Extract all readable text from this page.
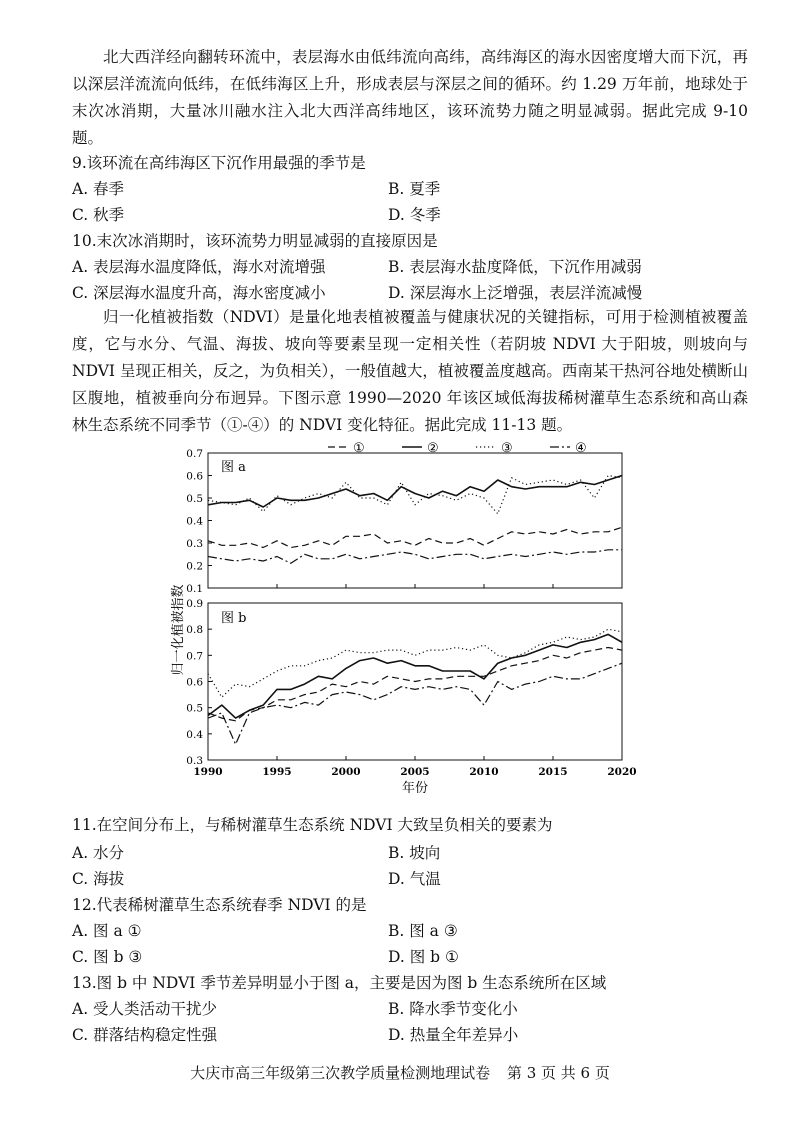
北大西洋经向翻转环流中，表层海水由低纬流向高纬，高纬海区的海水因密度增大而下沉，再以深层洋流流向低纬，在低纬海区上升，形成表层与深层之间的循环。约 1.29 万年前，地球处于末次冰消期，大量冰川融水注入北大西洋高纬地区，该环流势力随之明显减弱。据此完成 9-10 题。

9.该环流在高纬海区下沉作用最强的季节是

A. 春季	B. 夏季

C. 秋季	D. 冬季

10.末次冰消期时，该环流势力明显减弱的直接原因是

A. 表层海水温度降低，海水对流增强	B. 表层海水盐度降低，下沉作用减弱

C. 深层海水温度升高，海水密度减小	D. 深层海水上泛增强，表层洋流减慢

归一化植被指数（NDVI）是量化地表植被覆盖与健康状况的关键指标，可用于检测植被覆盖度，它与水分、气温、海拔、坡向等要素呈现一定相关性（若阴坡 NDVI 大于阳坡，则坡向与 NDVI 呈现正相关，反之，为负相关），一般值越大，植被覆盖度越高。西南某干热河谷地处横断山区腹地，植被垂向分布迥异。下图示意 1990—2020 年该区域低海拔稀树灌草生态系统和高山森林生态系统不同季节（①-④）的 NDVI 变化特征。据此完成 11-13 题。

图 a
图 b
归一化植被指数
年份
0.1
0.2
0.3
0.4
0.5
0.6
0.7
0.3
0.4
0.5
0.6
0.7
0.8
0.9
1990	1995	2000	2005	2010	2015	2020
①	②	③	④

11.在空间分布上，与稀树灌草生态系统 NDVI 大致呈负相关的要素为

A. 水分	B. 坡向

C. 海拔	D. 气温

12.代表稀树灌草生态系统春季 NDVI 的是

A. 图 a ①	B. 图 a ③

C. 图 b ③	D. 图 b ①

13.图 b 中 NDVI 季节差异明显小于图 a，主要是因为图 b 生态系统所在区域

A. 受人类活动干扰少	B. 降水季节变化小

C. 群落结构稳定性强	D. 热量全年差异小

大庆市高三年级第三次教学质量检测地理试卷 第 3 页 共 6 页
